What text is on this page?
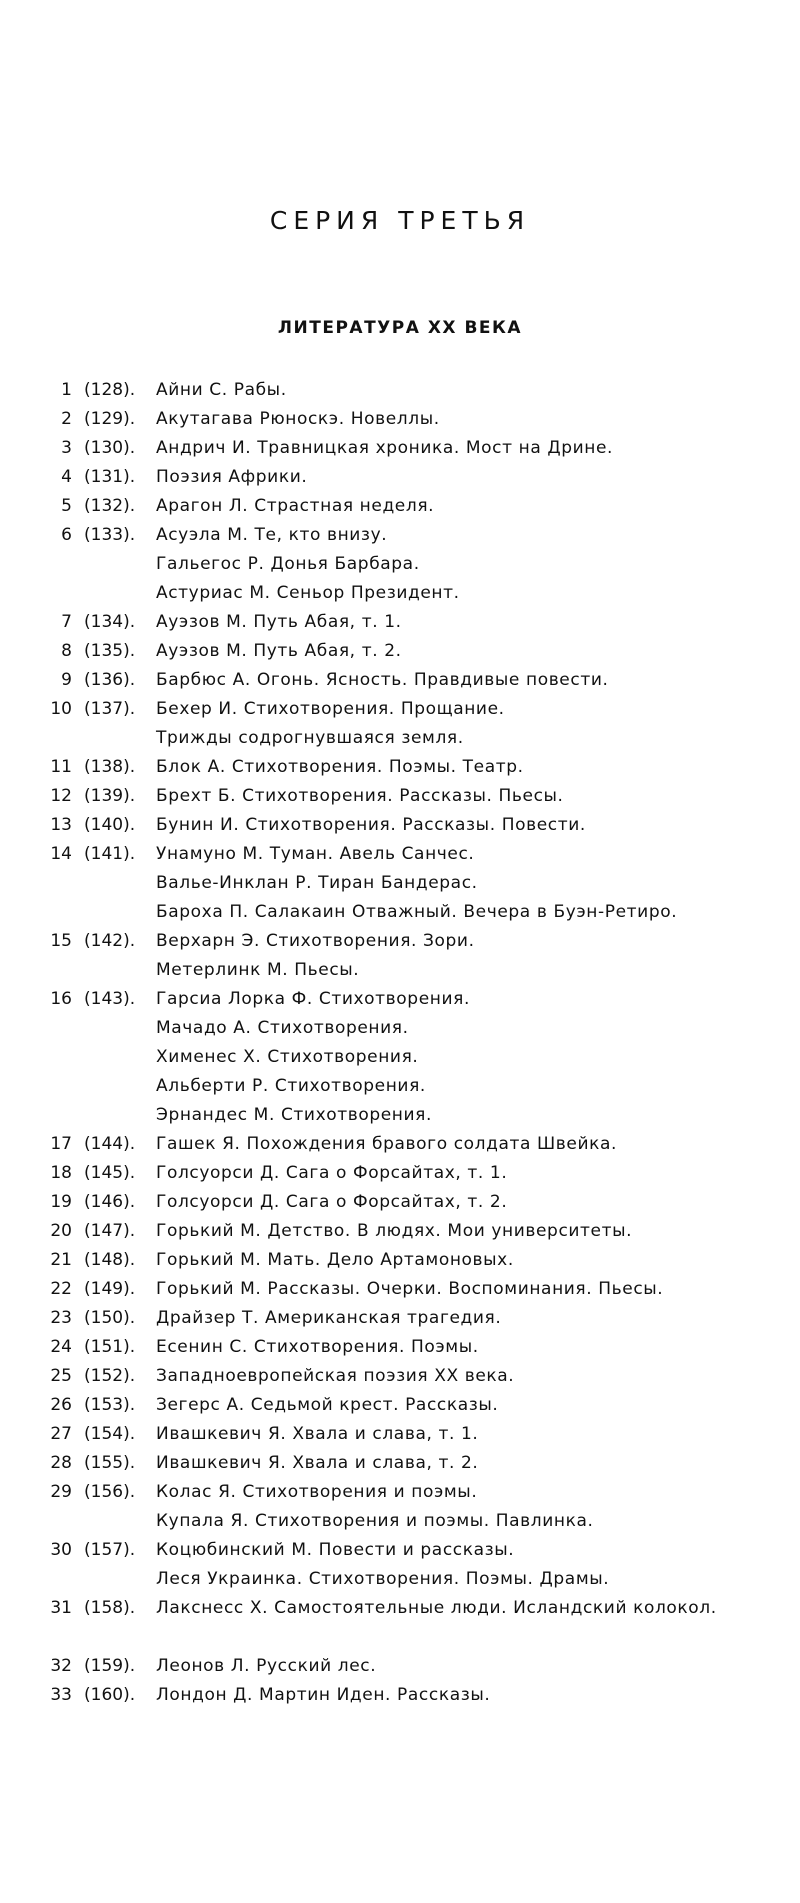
СЕРИЯ ТРЕТЬЯ
ЛИТЕРАТУРА XX ВЕКА
1 (128).	Айни С. Рабы.
2 (129).	Акутагава Рюноскэ. Новеллы.
3 (130).	Андрич И. Травницкая хроника. Мост на Дрине.
4 (131).	Поэзия Африки.
5 (132).	Арагон Л. Страстная неделя.
6 (133).	Асуэла М. Те, кто внизу.
Гальегос Р. Донья Барбара.
Астуриас М. Сеньор Президент.
7 (134).	Ауэзов М. Путь Абая, т. 1.
8 (135).	Ауэзов М. Путь Абая, т. 2.
9 (136).	Барбюс А. Огонь. Ясность. Правдивые повести.
10 (137).	Бехер И. Стихотворения. Прощание.
Трижды содрогнувшаяся земля.
11 (138).	Блок А. Стихотворения. Поэмы. Театр.
12 (139).	Брехт Б. Стихотворения. Рассказы. Пьесы.
13 (140).	Бунин И. Стихотворения. Рассказы. Повести.
14 (141).	Унамуно М. Туман. Авель Санчес.
Валье-Инклан Р. Тиран Бандерас.
Бароха П. Салакаин Отважный. Вечера в Буэн-Ретиро.
15 (142).	Верхарн Э. Стихотворения. Зори.
Метерлинк М. Пьесы.
16 (143).	Гарсиа Лорка Ф. Стихотворения.
Мачадо А. Стихотворения.
Хименес Х. Стихотворения.
Альберти Р. Стихотворения.
Эрнандес М. Стихотворения.
17 (144).	Гашек Я. Похождения бравого солдата Швейка.
18 (145).	Голсуорси Д. Сага о Форсайтах, т. 1.
19 (146).	Голсуорси Д. Сага о Форсайтах, т. 2.
20 (147).	Горький М. Детство. В людях. Мои университеты.
21 (148).	Горький М. Мать. Дело Артамоновых.
22 (149).	Горький М. Рассказы. Очерки. Воспоминания. Пьесы.
23 (150).	Драйзер Т. Американская трагедия.
24 (151).	Есенин С. Стихотворения. Поэмы.
25 (152).	Западноевропейская поэзия XX века.
26 (153).	Зегерс А. Седьмой крест. Рассказы.
27 (154).	Ивашкевич Я. Хвала и слава, т. 1.
28 (155).	Ивашкевич Я. Хвала и слава, т. 2.
29 (156).	Колас Я. Стихотворения и поэмы.
Купала Я. Стихотворения и поэмы. Павлинка.
30 (157).	Коцюбинский М. Повести и рассказы.
Леся Украинка. Стихотворения. Поэмы. Драмы.
31 (158).	Лакснесс Х. Самостоятельные люди. Исландский колокол.
32 (159).	Леонов Л. Русский лес.
33 (160).	Лондон Д. Мартин Иден. Рассказы.
